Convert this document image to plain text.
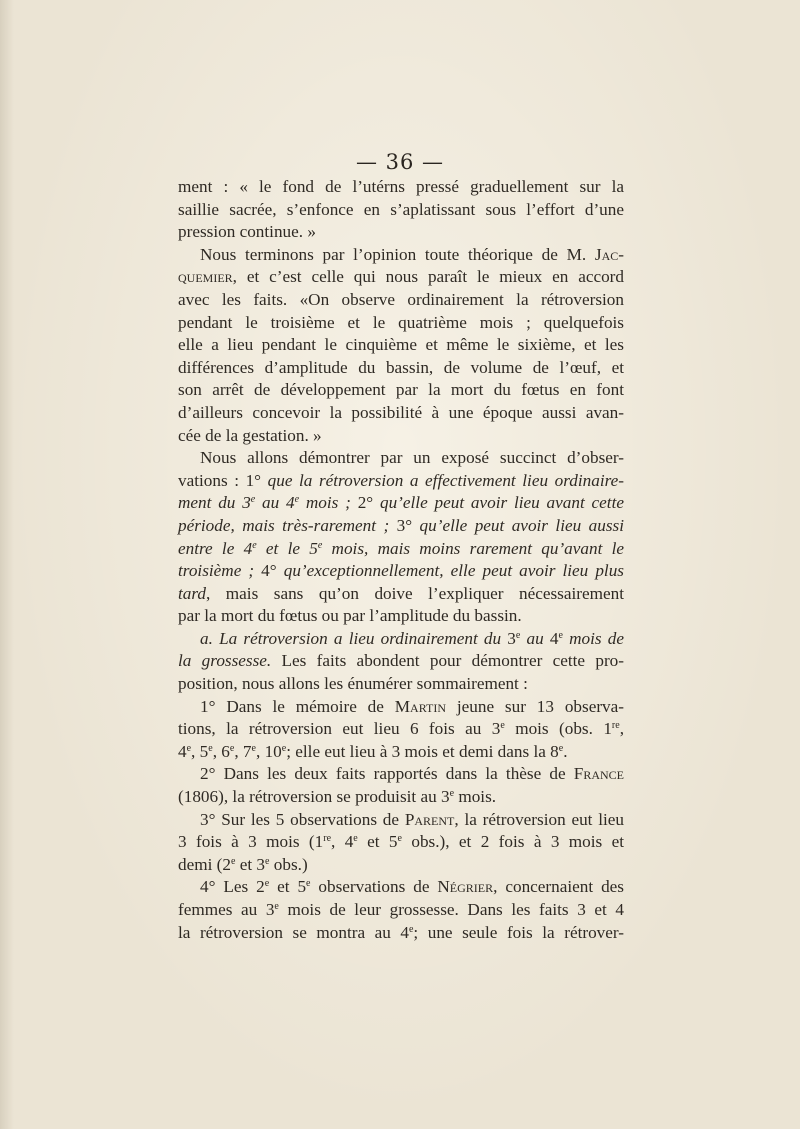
— 36 —
ment : « le fond de l’utérns pressé graduellement sur la
saillie sacrée, s’enfonce en s’aplatissant sous l’effort d’une
pression continue. »
Nous terminons par l’opinion toute théorique de M. Jac-
quemier, et c’est celle qui nous paraît le mieux en accord
avec les faits. «On observe ordinairement la rétroversion
pendant le troisième et le quatrième mois ; quelquefois
elle a lieu pendant le cinquième et même le sixième, et les
différences d’amplitude du bassin, de volume de l’œuf, et
son arrêt de développement par la mort du fœtus en font
d’ailleurs concevoir la possibilité à une époque aussi avan-
cée de la gestation. »
Nous allons démontrer par un exposé succinct d’obser-
vations : 1° que la rétroversion a effectivement lieu ordinaire-
ment du 3e au 4e mois ; 2° qu’elle peut avoir lieu avant cette
période, mais très-rarement ; 3° qu’elle peut avoir lieu aussi
entre le 4e et le 5e mois, mais moins rarement qu’avant le
troisième ; 4° qu’exceptionnellement, elle peut avoir lieu plus
tard, mais sans qu’on doive l’expliquer nécessairement
par la mort du fœtus ou par l’amplitude du bassin.
a. La rétroversion a lieu ordinairement du 3e au 4e mois de
la grossesse. Les faits abondent pour démontrer cette pro-
position, nous allons les énumérer sommairement :
1° Dans le mémoire de Martin jeune sur 13 observa-
tions, la rétroversion eut lieu 6 fois au 3e mois (obs. 1re,
4e, 5e, 6e, 7e, 10e; elle eut lieu à 3 mois et demi dans la 8e.
2° Dans les deux faits rapportés dans la thèse de France
(1806), la rétroversion se produisit au 3e mois.
3° Sur les 5 observations de Parent, la rétroversion eut lieu
3 fois à 3 mois (1re, 4e et 5e obs.), et 2 fois à 3 mois et
demi (2e et 3e obs.)
4° Les 2e et 5e observations de Négrier, concernaient des
femmes au 3e mois de leur grossesse. Dans les faits 3 et 4
la rétroversion se montra au 4e; une seule fois la rétrover-
